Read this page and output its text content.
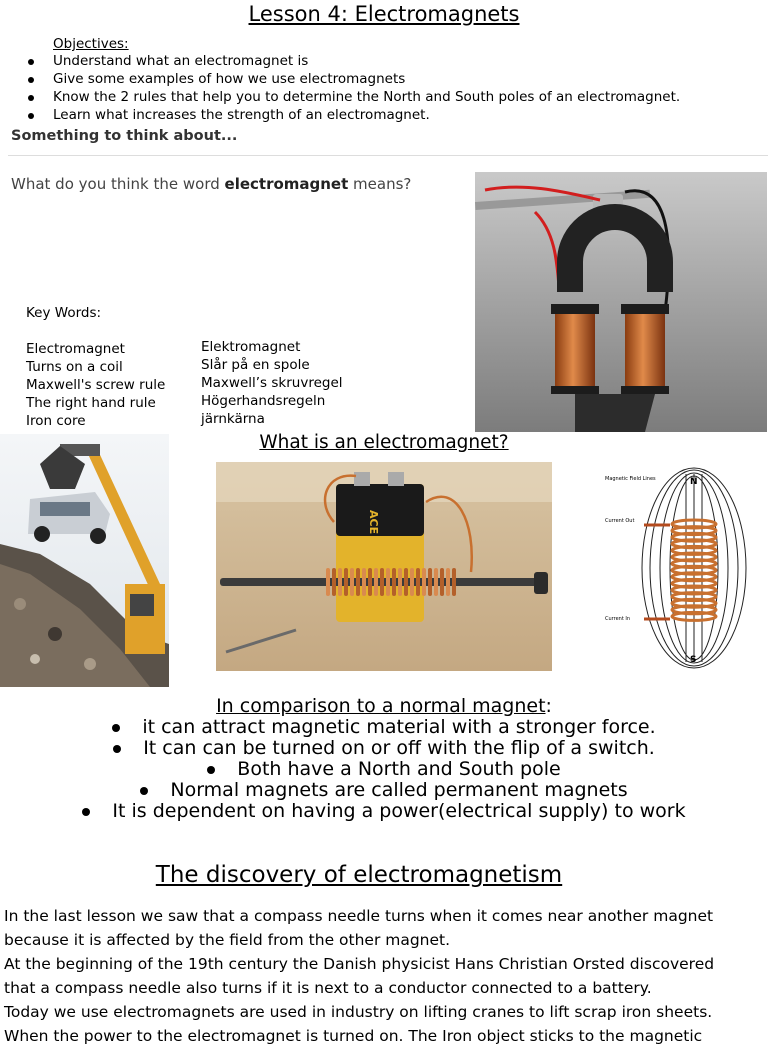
Lesson 4: Electromagnets
Objectives:
Understand what an electromagnet is
Give some examples of how we use electromagnets
Know the 2 rules that help you to determine the North and South poles of an electromagnet.
Learn what increases the strength of an electromagnet.
Something to think about...
What do you think the word electromagnet means?
Key Words:
Electromagnet
Turns on a coil
Maxwell's screw rule
The right hand rule
Iron core
Elektromagnet
Slår på en spole
Maxwell’s skruvregel
Högerhandsregeln
järnkärna
What is an electromagnet?
ACE
N
S
Magnetic Field Lines
Current Out
Current In
In comparison to a normal magnet:
it can attract magnetic material with a stronger force.
It can can be turned on or off with the flip of a switch.
Both have a North and South pole
Normal magnets are called permanent magnets
It is dependent on having a power(electrical supply) to work
The discovery of electromagnetism
In the last lesson we saw that a compass needle turns when it comes near another magnet
because it is affected by the field from the other magnet.
At the beginning of the 19th century the Danish physicist Hans Christian Orsted discovered
that a compass needle also turns if it is next to a conductor connected to a battery.
Today we use electromagnets are used in industry on lifting cranes to lift scrap iron sheets.
When the power to the electromagnet is turned on. The Iron object sticks to the magnetic
